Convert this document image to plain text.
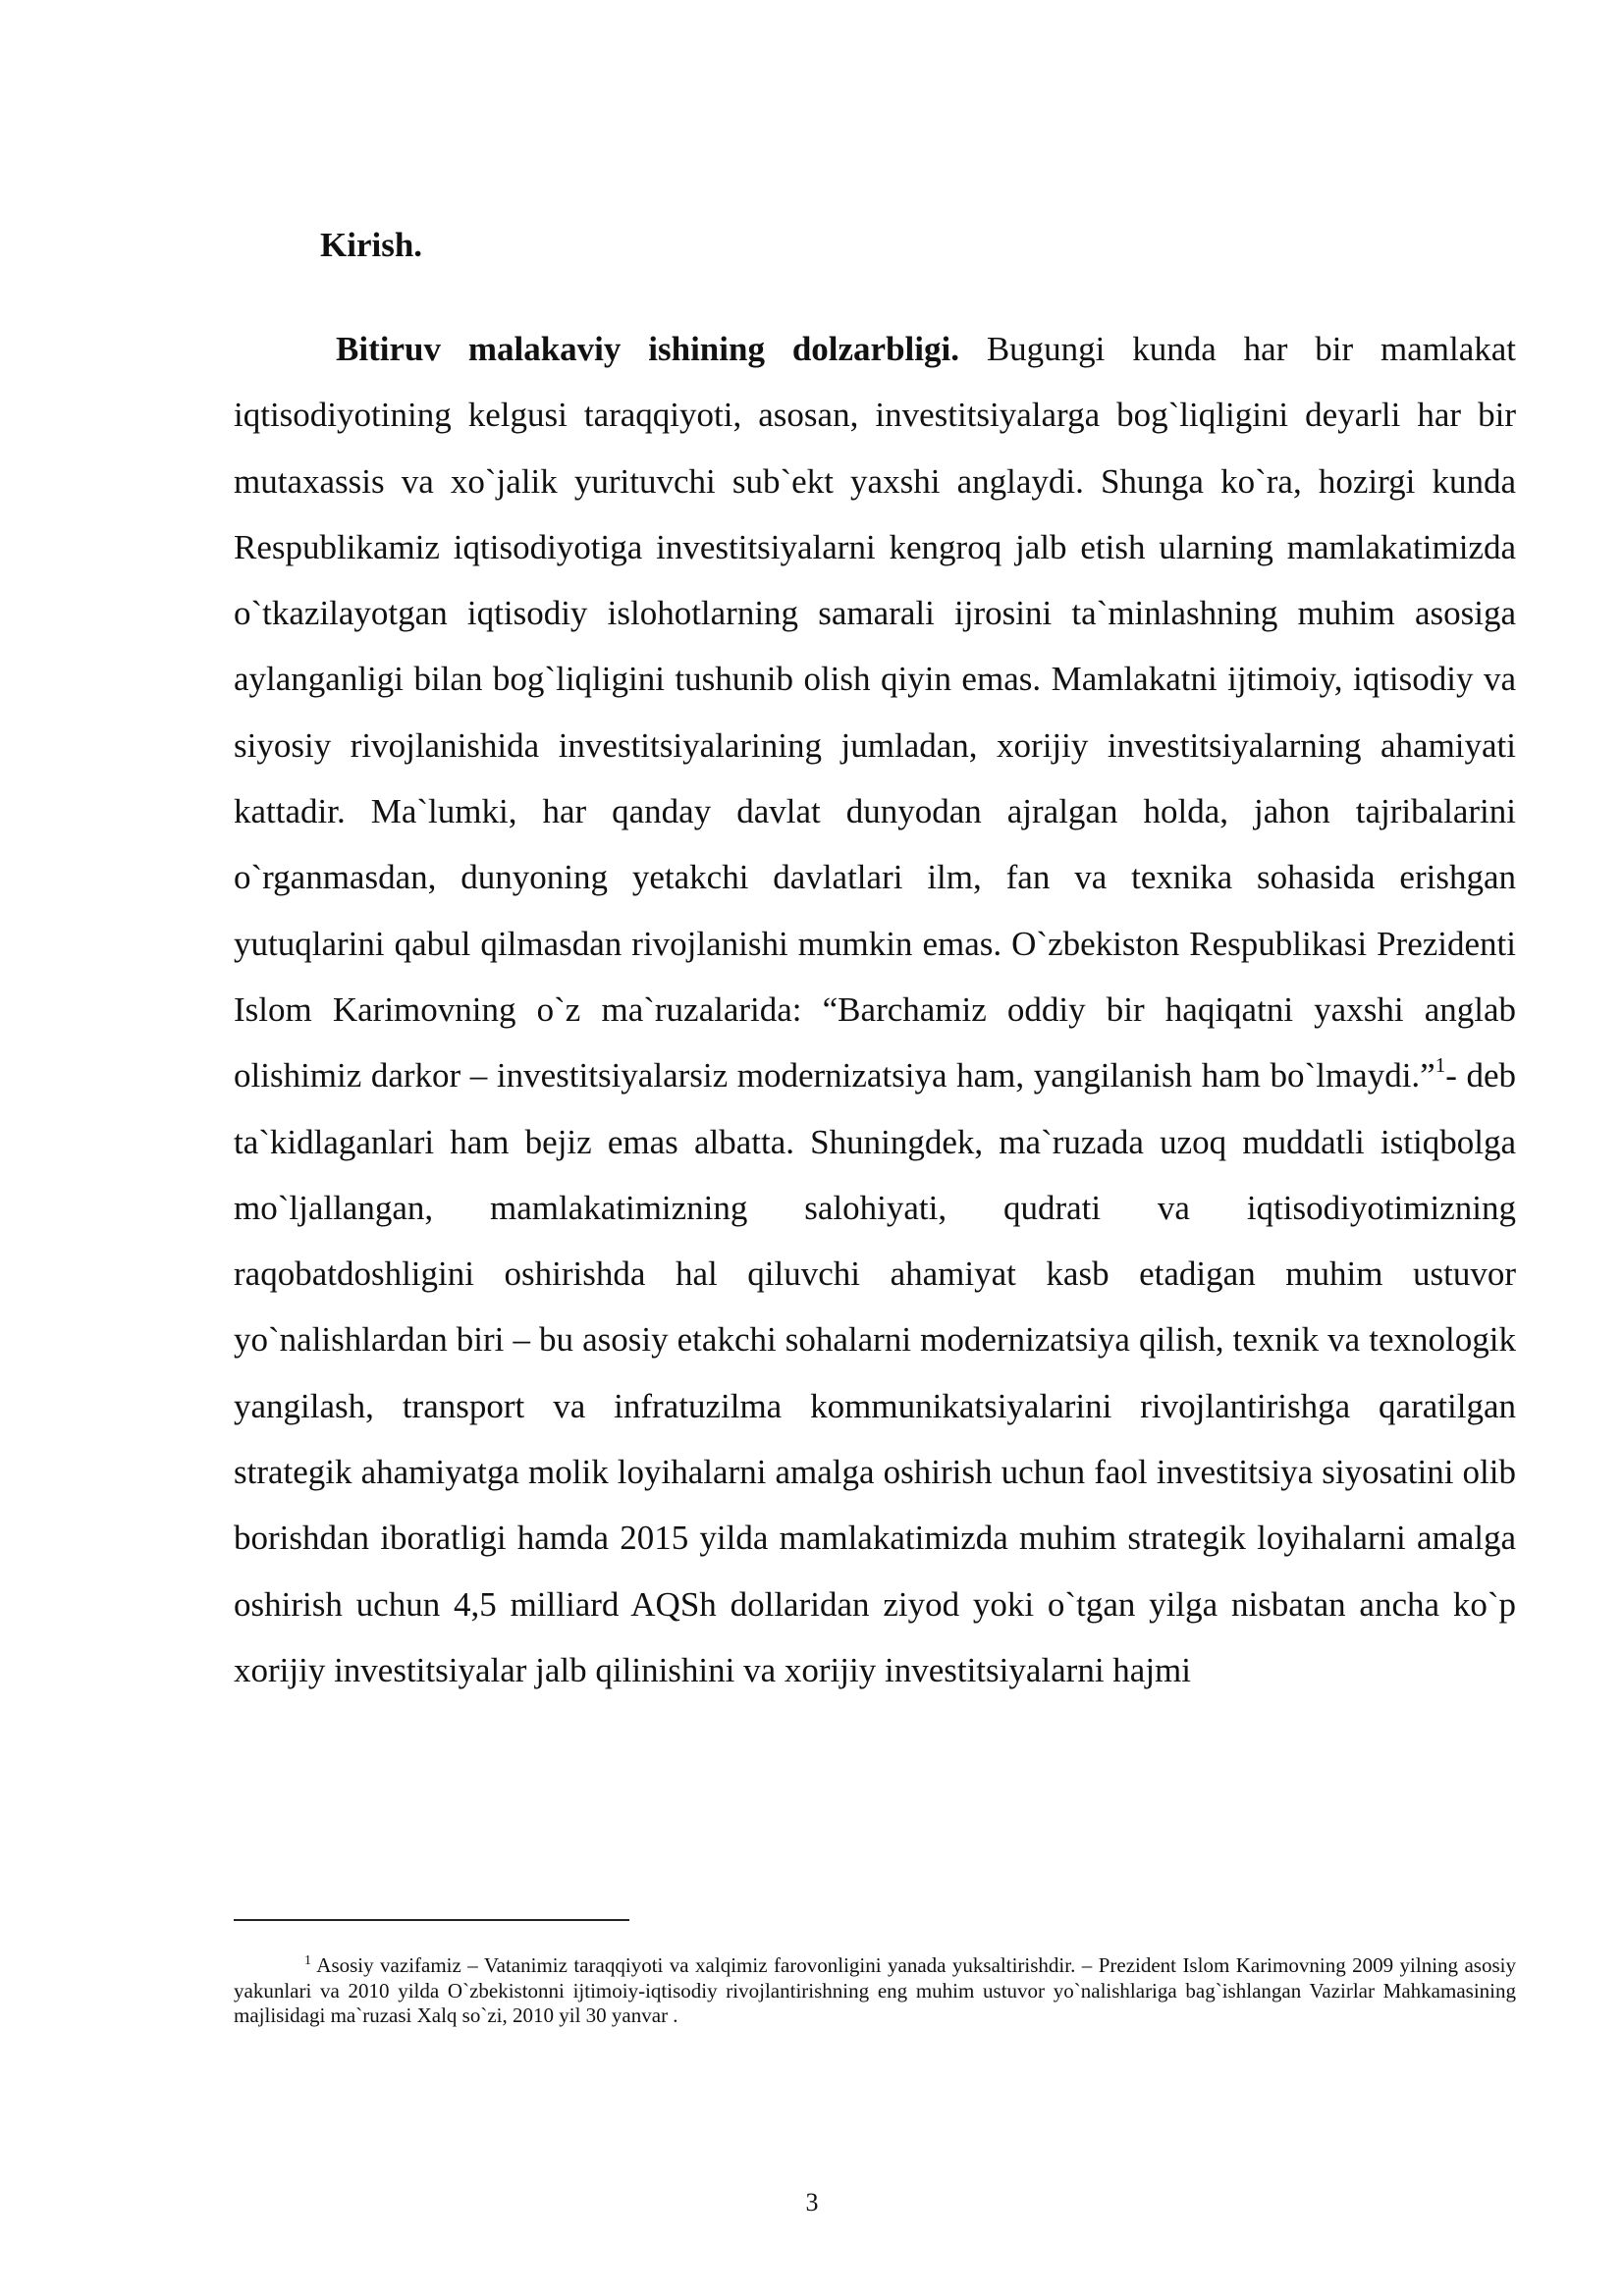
Kirish.

Bitiruv malakaviy ishining dolzarbligi. Bugungi kunda har bir mamlakat iqtisodiyotining kelgusi taraqqiyoti, asosan, investitsiyalarga bog`liqligini deyarli har bir mutaxassis va xo`jalik yurituvchi sub`ekt yaxshi anglaydi. Shunga ko`ra, hozirgi kunda Respublikamiz iqtisodiyotiga investitsiyalarni kengroq jalb etish ularning mamlakatimizda o`tkazilayotgan iqtisodiy islohotlarning samarali ijrosini ta`minlashning muhim asosiga aylanganligi bilan bog`liqligini tushunib olish qiyin emas. Mamlakatni ijtimoiy, iqtisodiy va siyosiy rivojlanishida investitsiyalarining jumladan, xorijiy investitsiyalarning ahamiyati kattadir. Ma`lumki, har qanday davlat dunyodan ajralgan holda, jahon tajribalarini o`rganmasdan, dunyoning yetakchi davlatlari ilm, fan va texnika sohasida erishgan yutuqlarini qabul qilmasdan rivojlanishi mumkin emas. O`zbekiston Respublikasi Prezidenti Islom Karimovning o`z ma`ruzalarida: “Barchamiz oddiy bir haqiqatni yaxshi anglab olishimiz darkor – investitsiyalarsiz modernizatsiya ham, yangilanish ham bo`lmaydi.”$^1$- deb ta`kidlaganlari ham bejiz emas albatta. Shuningdek, ma`ruzada uzoq muddatli istiqbolga mo`ljallangan, mamlakatimizning salohiyati, qudrati va iqtisodiyotimizning raqobatdoshligini oshirishda hal qiluvchi ahamiyat kasb etadigan muhim ustuvor yo`nalishlardan biri – bu asosiy etakchi sohalarni modernizatsiya qilish, texnik va texnologik yangilash, transport va infratuzilma kommunikatsiyalarini rivojlantirishga qaratilgan strategik ahamiyatga molik loyihalarni amalga oshirish uchun faol investitsiya siyosatini olib borishdan iboratligi hamda 2015 yilda mamlakatimizda muhim strategik loyihalarni amalga oshirish uchun 4,5 milliard AQSh dollaridan ziyod yoki o`tgan yilga nisbatan ancha ko`p xorijiy investitsiyalar jalb qilinishini va xorijiy investitsiyalarni hajmi

$^1$ Asosiy vazifamiz – Vatanimiz taraqqiyoti va xalqimiz farovonligini yanada yuksaltirishdir. – Prezident Islom Karimovning 2009 yilning asosiy yakunlari va 2010 yilda O`zbekistonni ijtimoiy-iqtisodiy rivojlantirishning eng muhim ustuvor yo`nalishlariga bag`ishlangan Vazirlar Mahkamasining majlisidagi ma`ruzasi Xalq so`zi, 2010 yil 30 yanvar .

3
